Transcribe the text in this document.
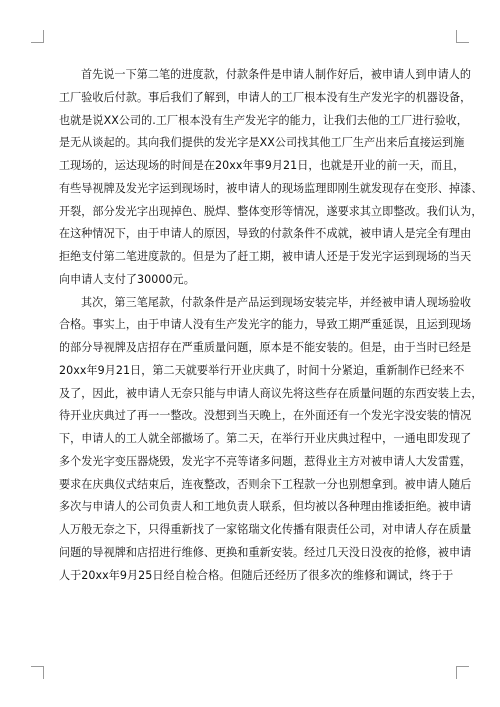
首先说一下第二笔的进度款，付款条件是申请人制作好后，被申请人到申请人的
工厂验收后付款。事后我们了解到，申请人的工厂根本没有生产发光字的机器设备，
也就是说XX公司的.工厂根本没有生产发光字的能力，让我们去他的工厂进行验收，
是无从谈起的。其向我们提供的发光字是XX公司找其他工厂生产出来后直接运到施
工现场的，运达现场的时间是在20xx年事9月21日，也就是开业的前一天，而且，
有些导视牌及发光字运到现场时，被申请人的现场监理即刚生就发现存在变形、掉漆、
开裂，部分发光字出现掉色、脱焊、整体变形等情况，遂要求其立即整改。我们认为，
在这种情况下，由于申请人的原因，导致的付款条件不成就，被申请人是完全有理由
拒绝支付第二笔进度款的。但是为了赶工期，被申请人还是于发光字运到现场的当天
向申请人支付了30000元。
其次，第三笔尾款，付款条件是产品运到现场安装完毕，并经被申请人现场验收
合格。事实上，由于申请人没有生产发光字的能力，导致工期严重延误，且运到现场
的部分导视牌及店招存在严重质量问题，原本是不能安装的。但是，由于当时已经是
20xx年9月21日，第二天就要举行开业庆典了，时间十分紧迫，重新制作已经来不
及了，因此，被申请人无奈只能与申请人商议先将这些存在质量问题的东西安装上去，
待开业庆典过了再一一整改。没想到当天晚上，在外面还有一个发光字没安装的情况
下，申请人的工人就全部撤场了。第二天，在举行开业庆典过程中，一通电即发现了
多个发光字变压器烧毁，发光字不亮等诸多问题，惹得业主方对被申请人大发雷霆，
要求在庆典仪式结束后，连夜整改，否则余下工程款一分也别想拿到。被申请人随后
多次与申请人的公司负责人和工地负责人联系，但均被以各种理由推诿拒绝。被申请
人万般无奈之下，只得重新找了一家铭瑞文化传播有限责任公司，对申请人存在质量
问题的导视牌和店招进行维修、更换和重新安装。经过几天没日没夜的抢修，被申请
人于20xx年9月25日经自检合格。但随后还经历了很多次的维修和调试，终于于
